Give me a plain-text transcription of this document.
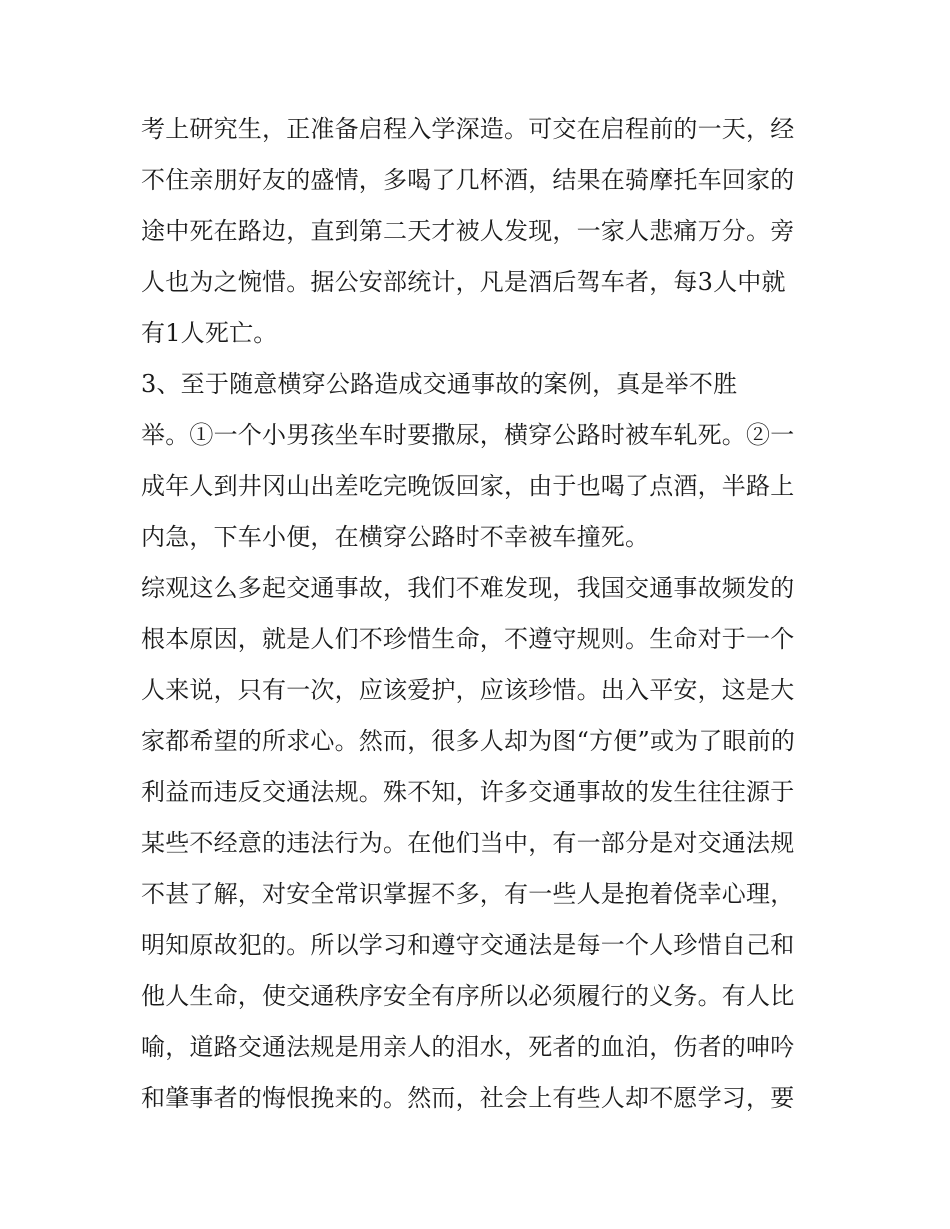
考上研究生，正准备启程入学深造。可交在启程前的一天，经
不住亲朋好友的盛情，多喝了几杯酒，结果在骑摩托车回家的
途中死在路边，直到第二天才被人发现，一家人悲痛万分。旁
人也为之惋惜。据公安部统计，凡是酒后驾车者，每3人中就
有1人死亡。
3、至于随意横穿公路造成交通事故的案例，真是举不胜
举。①一个小男孩坐车时要撒尿，横穿公路时被车轧死。②一
成年人到井冈山出差吃完晚饭回家，由于也喝了点酒，半路上
内急，下车小便，在横穿公路时不幸被车撞死。
综观这么多起交通事故，我们不难发现，我国交通事故频发的
根本原因，就是人们不珍惜生命，不遵守规则。生命对于一个
人来说，只有一次，应该爱护，应该珍惜。出入平安，这是大
家都希望的所求心。然而，很多人却为图“方便”或为了眼前的
利益而违反交通法规。殊不知，许多交通事故的发生往往源于
某些不经意的违法行为。在他们当中，有一部分是对交通法规
不甚了解，对安全常识掌握不多，有一些人是抱着侥幸心理，
明知原故犯的。所以学习和遵守交通法是每一个人珍惜自己和
他人生命，使交通秩序安全有序所以必须履行的义务。有人比
喻，道路交通法规是用亲人的泪水，死者的血泊，伤者的呻吟
和肇事者的悔恨挽来的。然而，社会上有些人却不愿学习，要
